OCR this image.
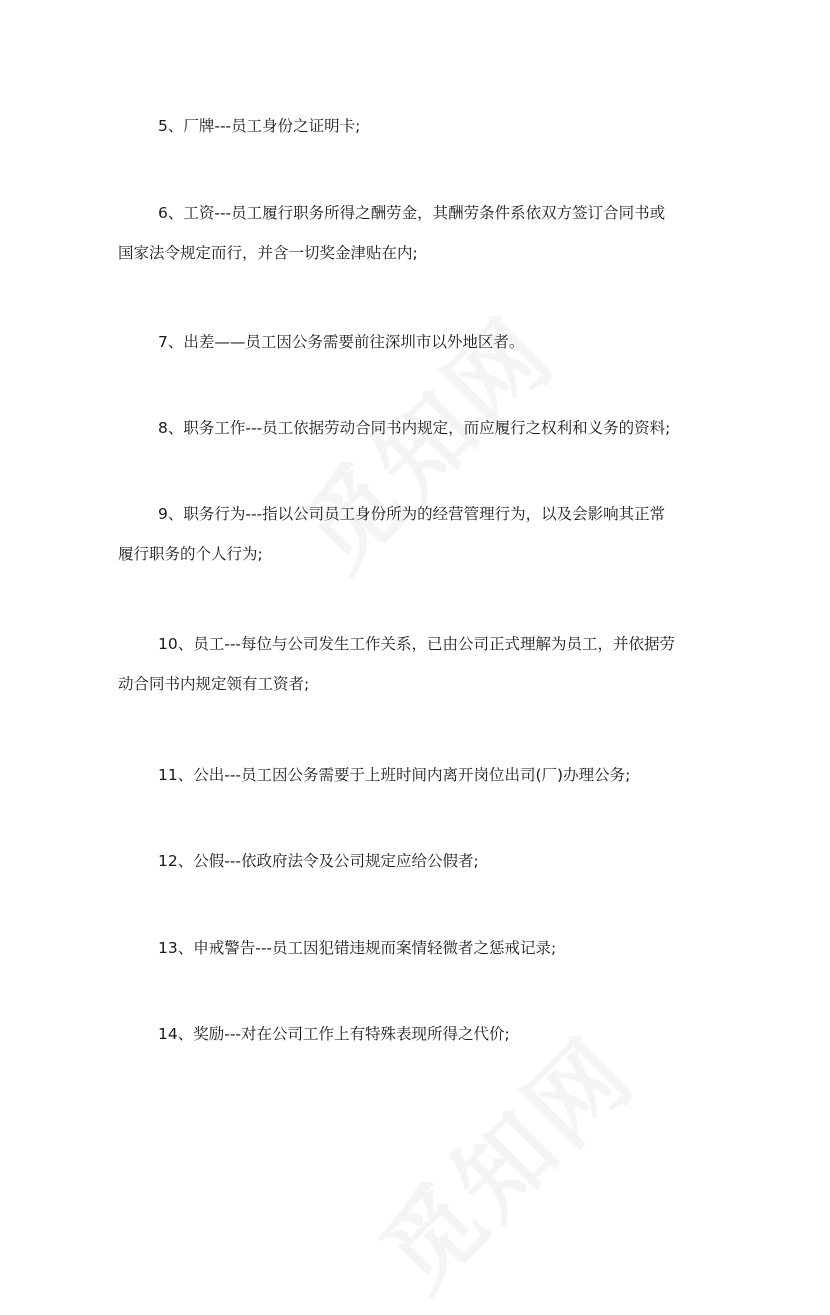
5、厂牌---员工身份之证明卡;

6、工资---员工履行职务所得之酬劳金，其酬劳条件系依双方签订合同书或
国家法令规定而行，并含一切奖金津贴在内;

7、出差——员工因公务需要前往深圳市以外地区者。

8、职务工作---员工依据劳动合同书内规定，而应履行之权利和义务的资料;

9、职务行为---指以公司员工身份所为的经营管理行为，以及会影响其正常
履行职务的个人行为;

10、员工---每位与公司发生工作关系，已由公司正式理解为员工，并依据劳
动合同书内规定领有工资者;

11、公出---员工因公务需要于上班时间内离开岗位出司(厂)办理公务;

12、公假---依政府法令及公司规定应给公假者;

13、申戒警告---员工因犯错违规而案情轻微者之惩戒记录;

14、奖励---对在公司工作上有特殊表现所得之代价;
